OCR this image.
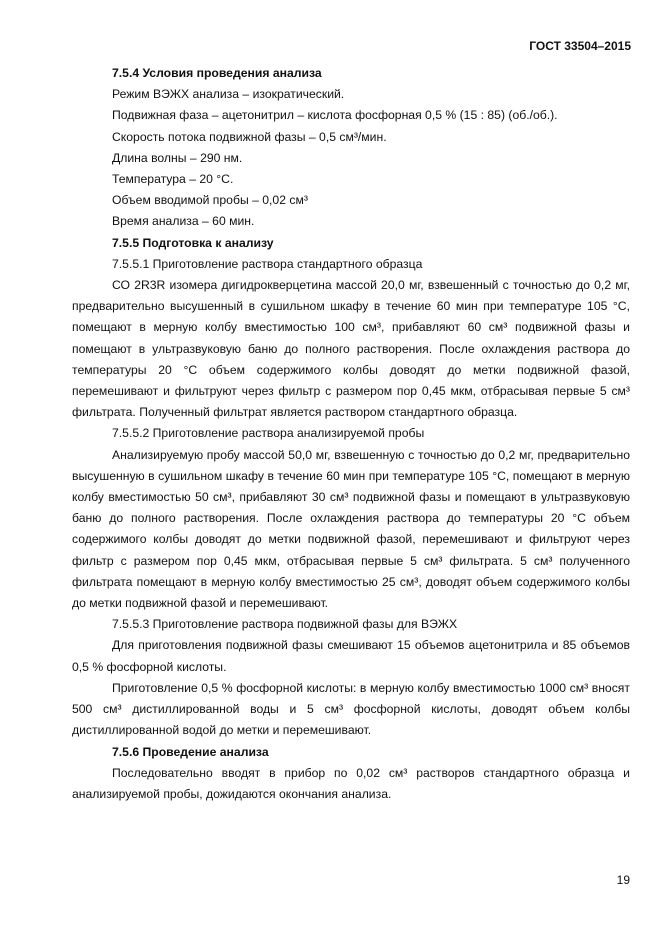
ГОСТ 33504–2015

7.5.4 Условия проведения анализа

Режим ВЭЖХ анализа – изократический.

Подвижная фаза – ацетонитрил – кислота фосфорная 0,5 % (15 : 85) (об./об.).

Скорость потока подвижной фазы – 0,5 см³/мин.

Длина волны – 290 нм.

Температура – 20 °С.

Объем вводимой пробы – 0,02 см³

Время анализа – 60 мин.

7.5.5 Подготовка к анализу

7.5.5.1 Приготовление раствора стандартного образца

СО 2R3R изомера дигидрокверцетина массой 20,0 мг, взвешенный с точностью до 0,2 мг, предварительно высушенный в сушильном шкафу в течение 60 мин при температуре 105 °С, помещают в мерную колбу вместимостью 100 см³, прибавляют 60 см³ подвижной фазы и помещают в ультразвуковую баню до полного растворения. После охлаждения раствора до температуры 20 °С объем содержимого колбы доводят до метки подвижной фазой, перемешивают и фильтруют через фильтр с размером пор 0,45 мкм, отбрасывая первые 5 см³ фильтрата. Полученный фильтрат является раствором стандартного образца.

7.5.5.2 Приготовление раствора анализируемой пробы

Анализируемую пробу массой 50,0 мг, взвешенную с точностью до 0,2 мг, предварительно высушенную в сушильном шкафу в течение 60 мин при температуре 105 °С, помещают в мерную колбу вместимостью 50 см³, прибавляют 30 см³ подвижной фазы и помещают в ультразвуковую баню до полного растворения. После охлаждения раствора до температуры 20 °С объем содержимого колбы доводят до метки подвижной фазой, перемешивают и фильтруют через фильтр с размером пор 0,45 мкм, отбрасывая первые 5 см³ фильтрата. 5 см³ полученного фильтрата помещают в мерную колбу вместимостью 25 см³, доводят объем содержимого колбы до метки подвижной фазой и перемешивают.

7.5.5.3 Приготовление раствора подвижной фазы для ВЭЖХ

Для приготовления подвижной фазы смешивают 15 объемов ацетонитрила и 85 объемов 0,5 % фосфорной кислоты.

Приготовление 0,5 % фосфорной кислоты: в мерную колбу вместимостью 1000 см³ вносят 500 см³ дистиллированной воды и 5 см³ фосфорной кислоты, доводят объем колбы дистиллированной водой до метки и перемешивают.

7.5.6 Проведение анализа

Последовательно вводят в прибор по 0,02 см³ растворов стандартного образца и анализируемой пробы, дожидаются окончания анализа.

19
